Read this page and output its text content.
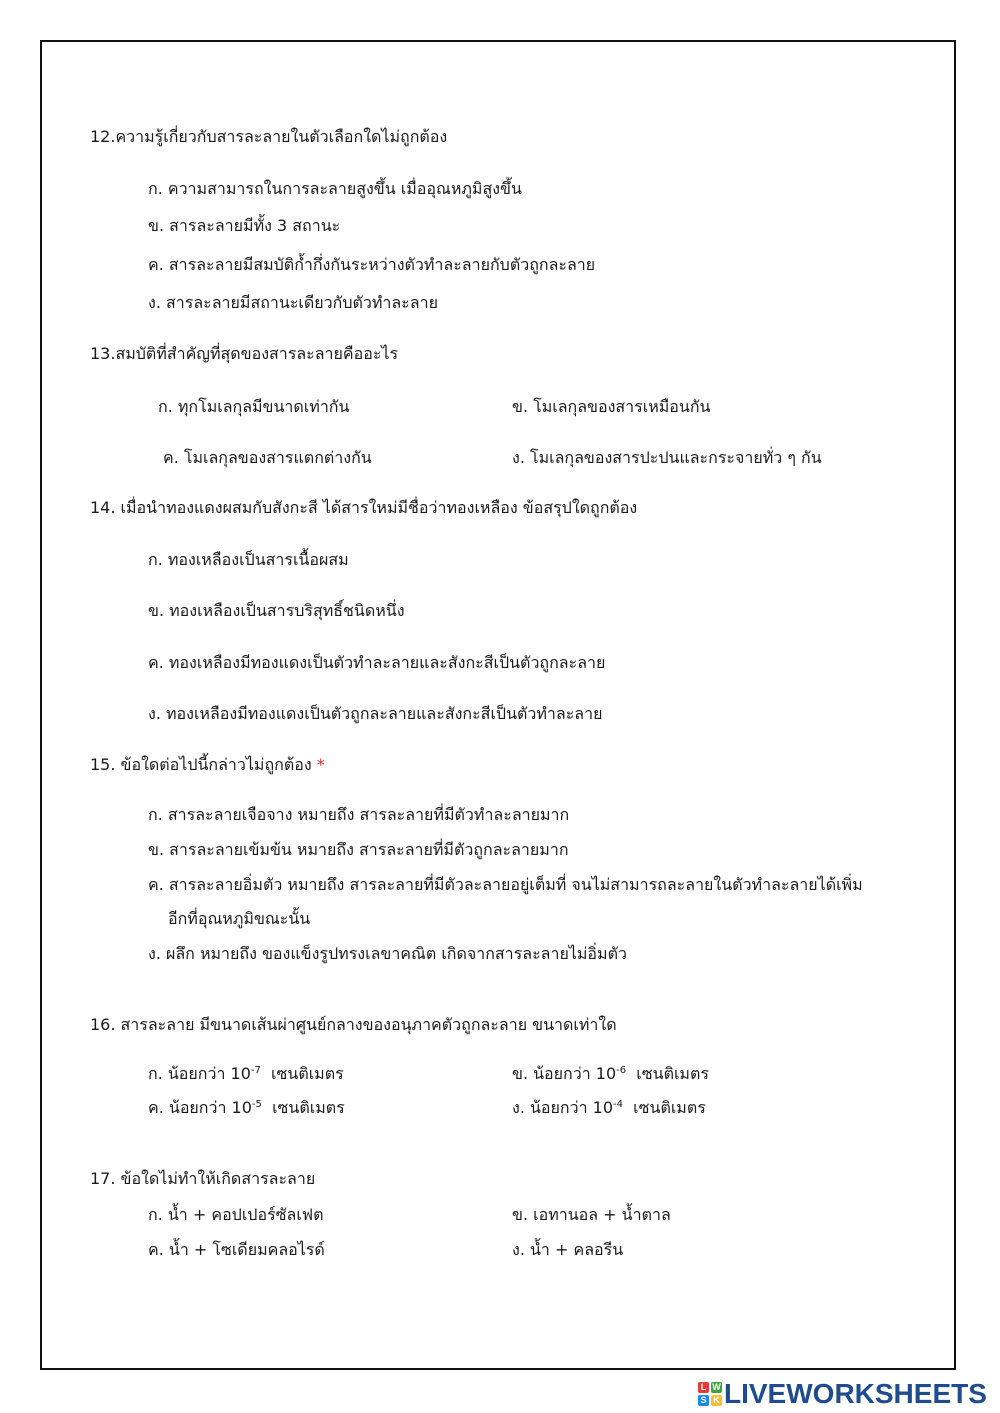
12.ความรู้เกี่ยวกับสารละลายในตัวเลือกใดไม่ถูกต้อง
ก. ความสามารถในการละลายสูงขึ้น เมื่ออุณหภูมิสูงขึ้น
ข. สารละลายมีทั้ง 3 สถานะ
ค. สารละลายมีสมบัติก้ำกึ่งกันระหว่างตัวทำละลายกับตัวถูกละลาย
ง. สารละลายมีสถานะเดียวกับตัวทำละลาย
13.สมบัติที่สำคัญที่สุดของสารละลายคืออะไร
ก. ทุกโมเลกุลมีขนาดเท่ากัน	ข. โมเลกุลของสารเหมือนกัน
ค. โมเลกุลของสารแตกต่างกัน	ง. โมเลกุลของสารปะปนและกระจายทั่ว ๆ กัน
14. เมื่อนำทองแดงผสมกับสังกะสี ได้สารใหม่มีชื่อว่าทองเหลือง ข้อสรุปใดถูกต้อง
ก. ทองเหลืองเป็นสารเนื้อผสม
ข. ทองเหลืองเป็นสารบริสุทธิ์ชนิดหนึ่ง
ค. ทองเหลืองมีทองแดงเป็นตัวทำละลายและสังกะสีเป็นตัวถูกละลาย
ง. ทองเหลืองมีทองแดงเป็นตัวถูกละลายและสังกะสีเป็นตัวทำละลาย
15. ข้อใดต่อไปนี้กล่าวไม่ถูกต้อง *
ก. สารละลายเจือจาง หมายถึง สารละลายที่มีตัวทำละลายมาก
ข. สารละลายเข้มข้น หมายถึง สารละลายที่มีตัวถูกละลายมาก
ค. สารละลายอิ่มตัว หมายถึง สารละลายที่มีตัวละลายอยู่เต็มที่ จนไม่สามารถละลายในตัวทำละลายได้เพิ่ม
อีกที่อุณหภูมิขณะนั้น
ง. ผลึก หมายถึง ของแข็งรูปทรงเลขาคณิต เกิดจากสารละลายไม่อิ่มตัว
16. สารละลาย มีขนาดเส้นผ่าศูนย์กลางของอนุภาคตัวถูกละลาย ขนาดเท่าใด
ก. น้อยกว่า $10^{-7}$ เซนติเมตร	ข. น้อยกว่า $10^{-6}$ เซนติเมตร
ค. น้อยกว่า $10^{-5}$ เซนติเมตร	ง. น้อยกว่า $10^{-4}$ เซนติเมตร
17. ข้อใดไม่ทำให้เกิดสารละลาย
ก. น้ำ + คอปเปอร์ซัลเฟต	ข. เอทานอล + น้ำตาล
ค. น้ำ + โซเดียมคลอไรด์	ง. น้ำ + คลอรีน
L W
S K LIVEWORKSHEETS
